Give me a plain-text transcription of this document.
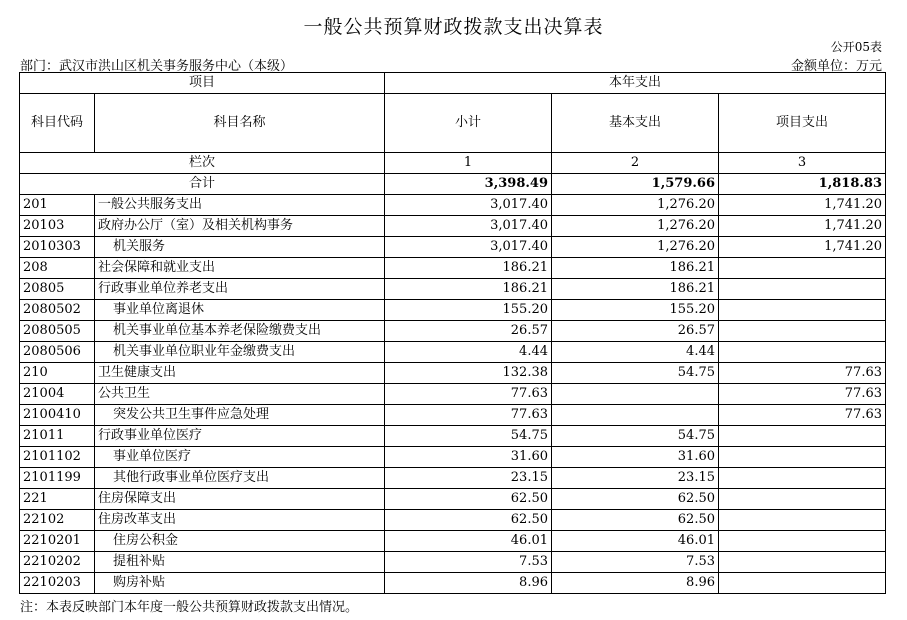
一般公共预算财政拨款支出决算表
公开05表
部门：武汉市洪山区机关事务服务中心（本级）	金额单位：万元
项目		本年支出		
科目代码	科目名称	小计	基本支出	项目支出
栏次		1	2	3
合计		3,398.49	1,579.66	1,818.83
201	一般公共服务支出	3,017.40	1,276.20	1,741.20
20103	政府办公厅（室）及相关机构事务	3,017.40	1,276.20	1,741.20
2010303	机关服务	3,017.40	1,276.20	1,741.20
208	社会保障和就业支出	186.21	186.21	
20805	行政事业单位养老支出	186.21	186.21	
2080502	事业单位离退休	155.20	155.20	
2080505	机关事业单位基本养老保险缴费支出	26.57	26.57	
2080506	机关事业单位职业年金缴费支出	4.44	4.44	
210	卫生健康支出	132.38	54.75	77.63
21004	公共卫生	77.63		77.63
2100410	突发公共卫生事件应急处理	77.63		77.63
21011	行政事业单位医疗	54.75	54.75	
2101102	事业单位医疗	31.60	31.60	
2101199	其他行政事业单位医疗支出	23.15	23.15	
221	住房保障支出	62.50	62.50	
22102	住房改革支出	62.50	62.50	
2210201	住房公积金	46.01	46.01	
2210202	提租补贴	7.53	7.53	
2210203	购房补贴	8.96	8.96	
注：本表反映部门本年度一般公共预算财政拨款支出情况。
